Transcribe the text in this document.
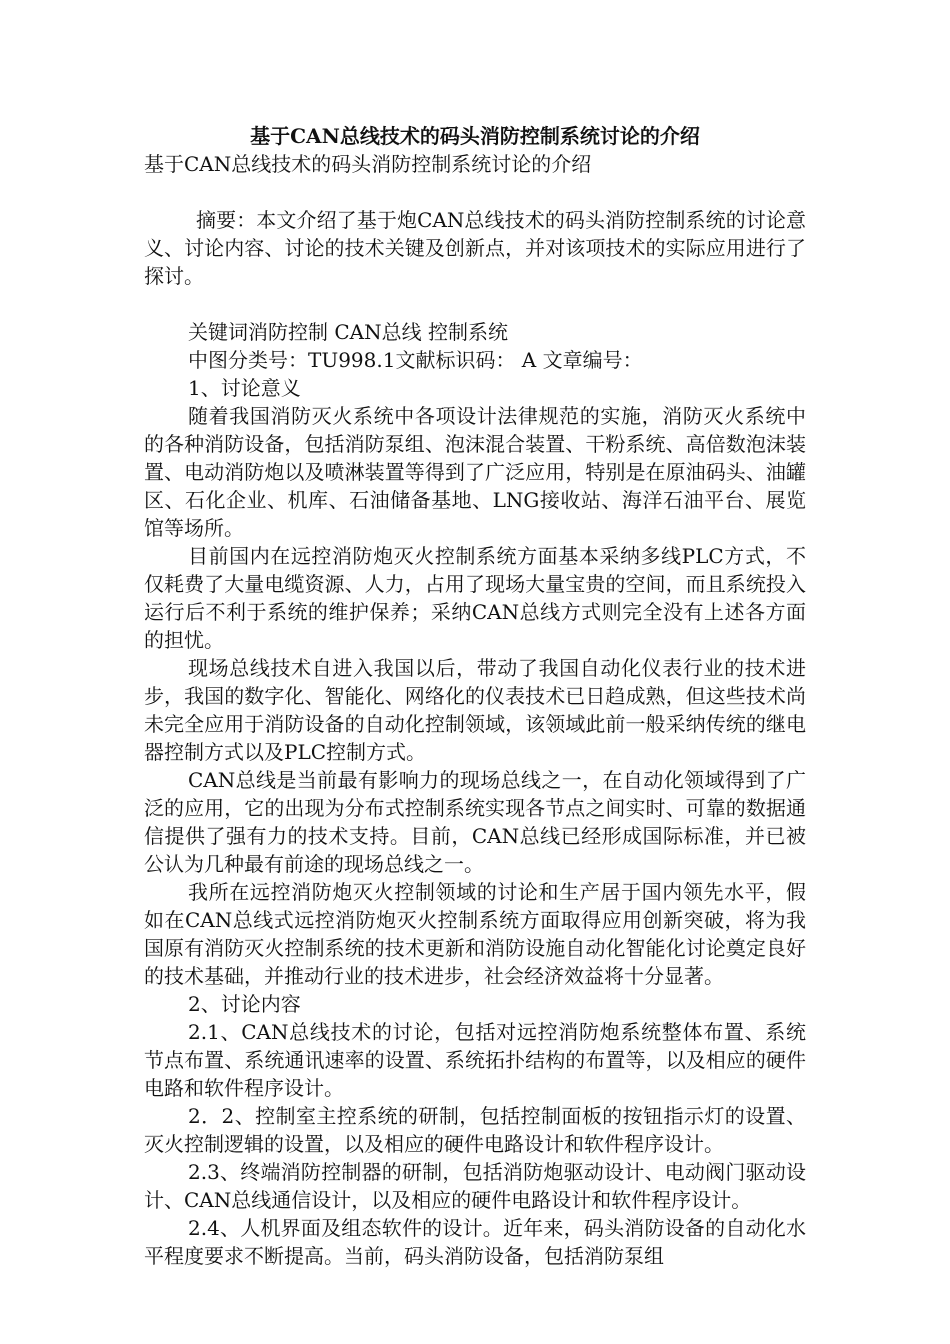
基于CAN总线技术的码头消防控制系统讨论的介绍

基于CAN总线技术的码头消防控制系统讨论的介绍

摘要：本文介绍了基于炮CAN总线技术的码头消防控制系统的讨论意义、讨论内容、讨论的技术关键及创新点，并对该项技术的实际应用进行了探讨。

关键词消防控制 CAN总线 控制系统

中图分类号：TU998.1文献标识码： A 文章编号：

1、讨论意义

随着我国消防灭火系统中各项设计法律规范的实施，消防灭火系统中的各种消防设备，包括消防泵组、泡沫混合装置、干粉系统、高倍数泡沫装置、电动消防炮以及喷淋装置等得到了广泛应用，特别是在原油码头、油罐区、石化企业、机库、石油储备基地、LNG接收站、海洋石油平台、展览馆等场所。

目前国内在远控消防炮灭火控制系统方面基本采纳多线PLC方式，不仅耗费了大量电缆资源、人力，占用了现场大量宝贵的空间，而且系统投入运行后不利于系统的维护保养；采纳CAN总线方式则完全没有上述各方面的担忧。

现场总线技术自进入我国以后，带动了我国自动化仪表行业的技术进步，我国的数字化、智能化、网络化的仪表技术已日趋成熟，但这些技术尚未完全应用于消防设备的自动化控制领域，该领域此前一般采纳传统的继电器控制方式以及PLC控制方式。

CAN总线是当前最有影响力的现场总线之一，在自动化领域得到了广泛的应用，它的出现为分布式控制系统实现各节点之间实时、可靠的数据通信提供了强有力的技术支持。目前，CAN总线已经形成国际标准，并已被公认为几种最有前途的现场总线之一。

我所在远控消防炮灭火控制领域的讨论和生产居于国内领先水平，假如在CAN总线式远控消防炮灭火控制系统方面取得应用创新突破，将为我国原有消防灭火控制系统的技术更新和消防设施自动化智能化讨论奠定良好的技术基础，并推动行业的技术进步，社会经济效益将十分显著。

2、讨论内容

2.1、CAN总线技术的讨论，包括对远控消防炮系统整体布置、系统节点布置、系统通讯速率的设置、系统拓扑结构的布置等，以及相应的硬件电路和软件程序设计。

2．2、控制室主控系统的研制，包括控制面板的按钮指示灯的设置、灭火控制逻辑的设置，以及相应的硬件电路设计和软件程序设计。

2.3、终端消防控制器的研制，包括消防炮驱动设计、电动阀门驱动设计、CAN总线通信设计，以及相应的硬件电路设计和软件程序设计。

2.4、人机界面及组态软件的设计。近年来，码头消防设备的自动化水平程度要求不断提高。当前，码头消防设备，包括消防泵组
